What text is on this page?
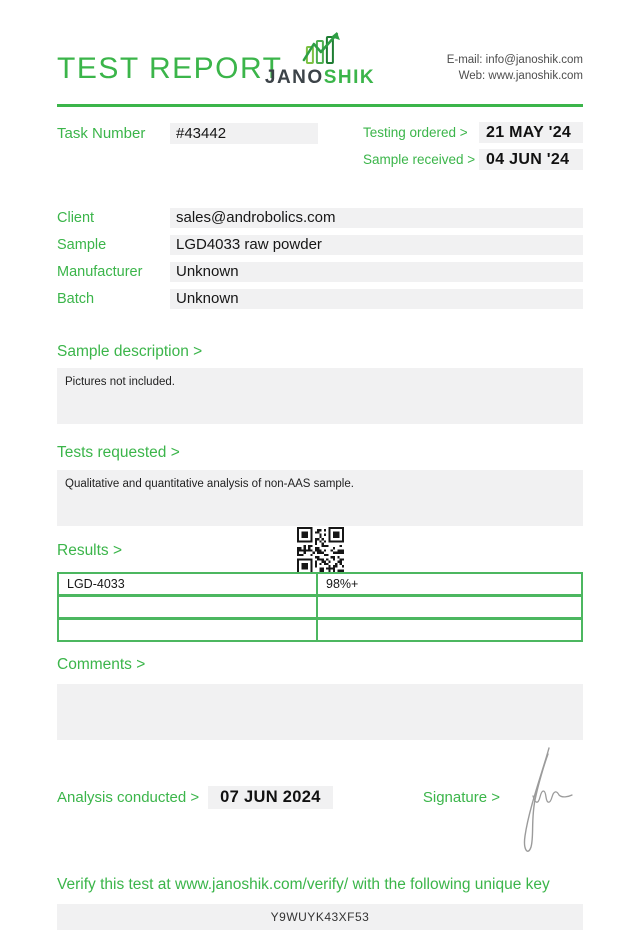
TEST REPORT
JANOSHIK
E-mail: info@janoshik.com
Web: www.janoshik.com
Task Number	#43442	Testing ordered >	21 MAY '24
Sample received > 04 JUN '24
Client	sales@androbolics.com
Sample	LGD4033 raw powder
Manufacturer	Unknown
Batch	Unknown
Sample description >
Pictures not included.
Tests requested >
Qualitative and quantitative analysis of non-AAS sample.
Results >
LGD-4033	98%+
Comments >
Analysis conducted >	07 JUN 2024	Signature >
Verify this test at www.janoshik.com/verify/ with the following unique key
Y9WUYK43XF53
